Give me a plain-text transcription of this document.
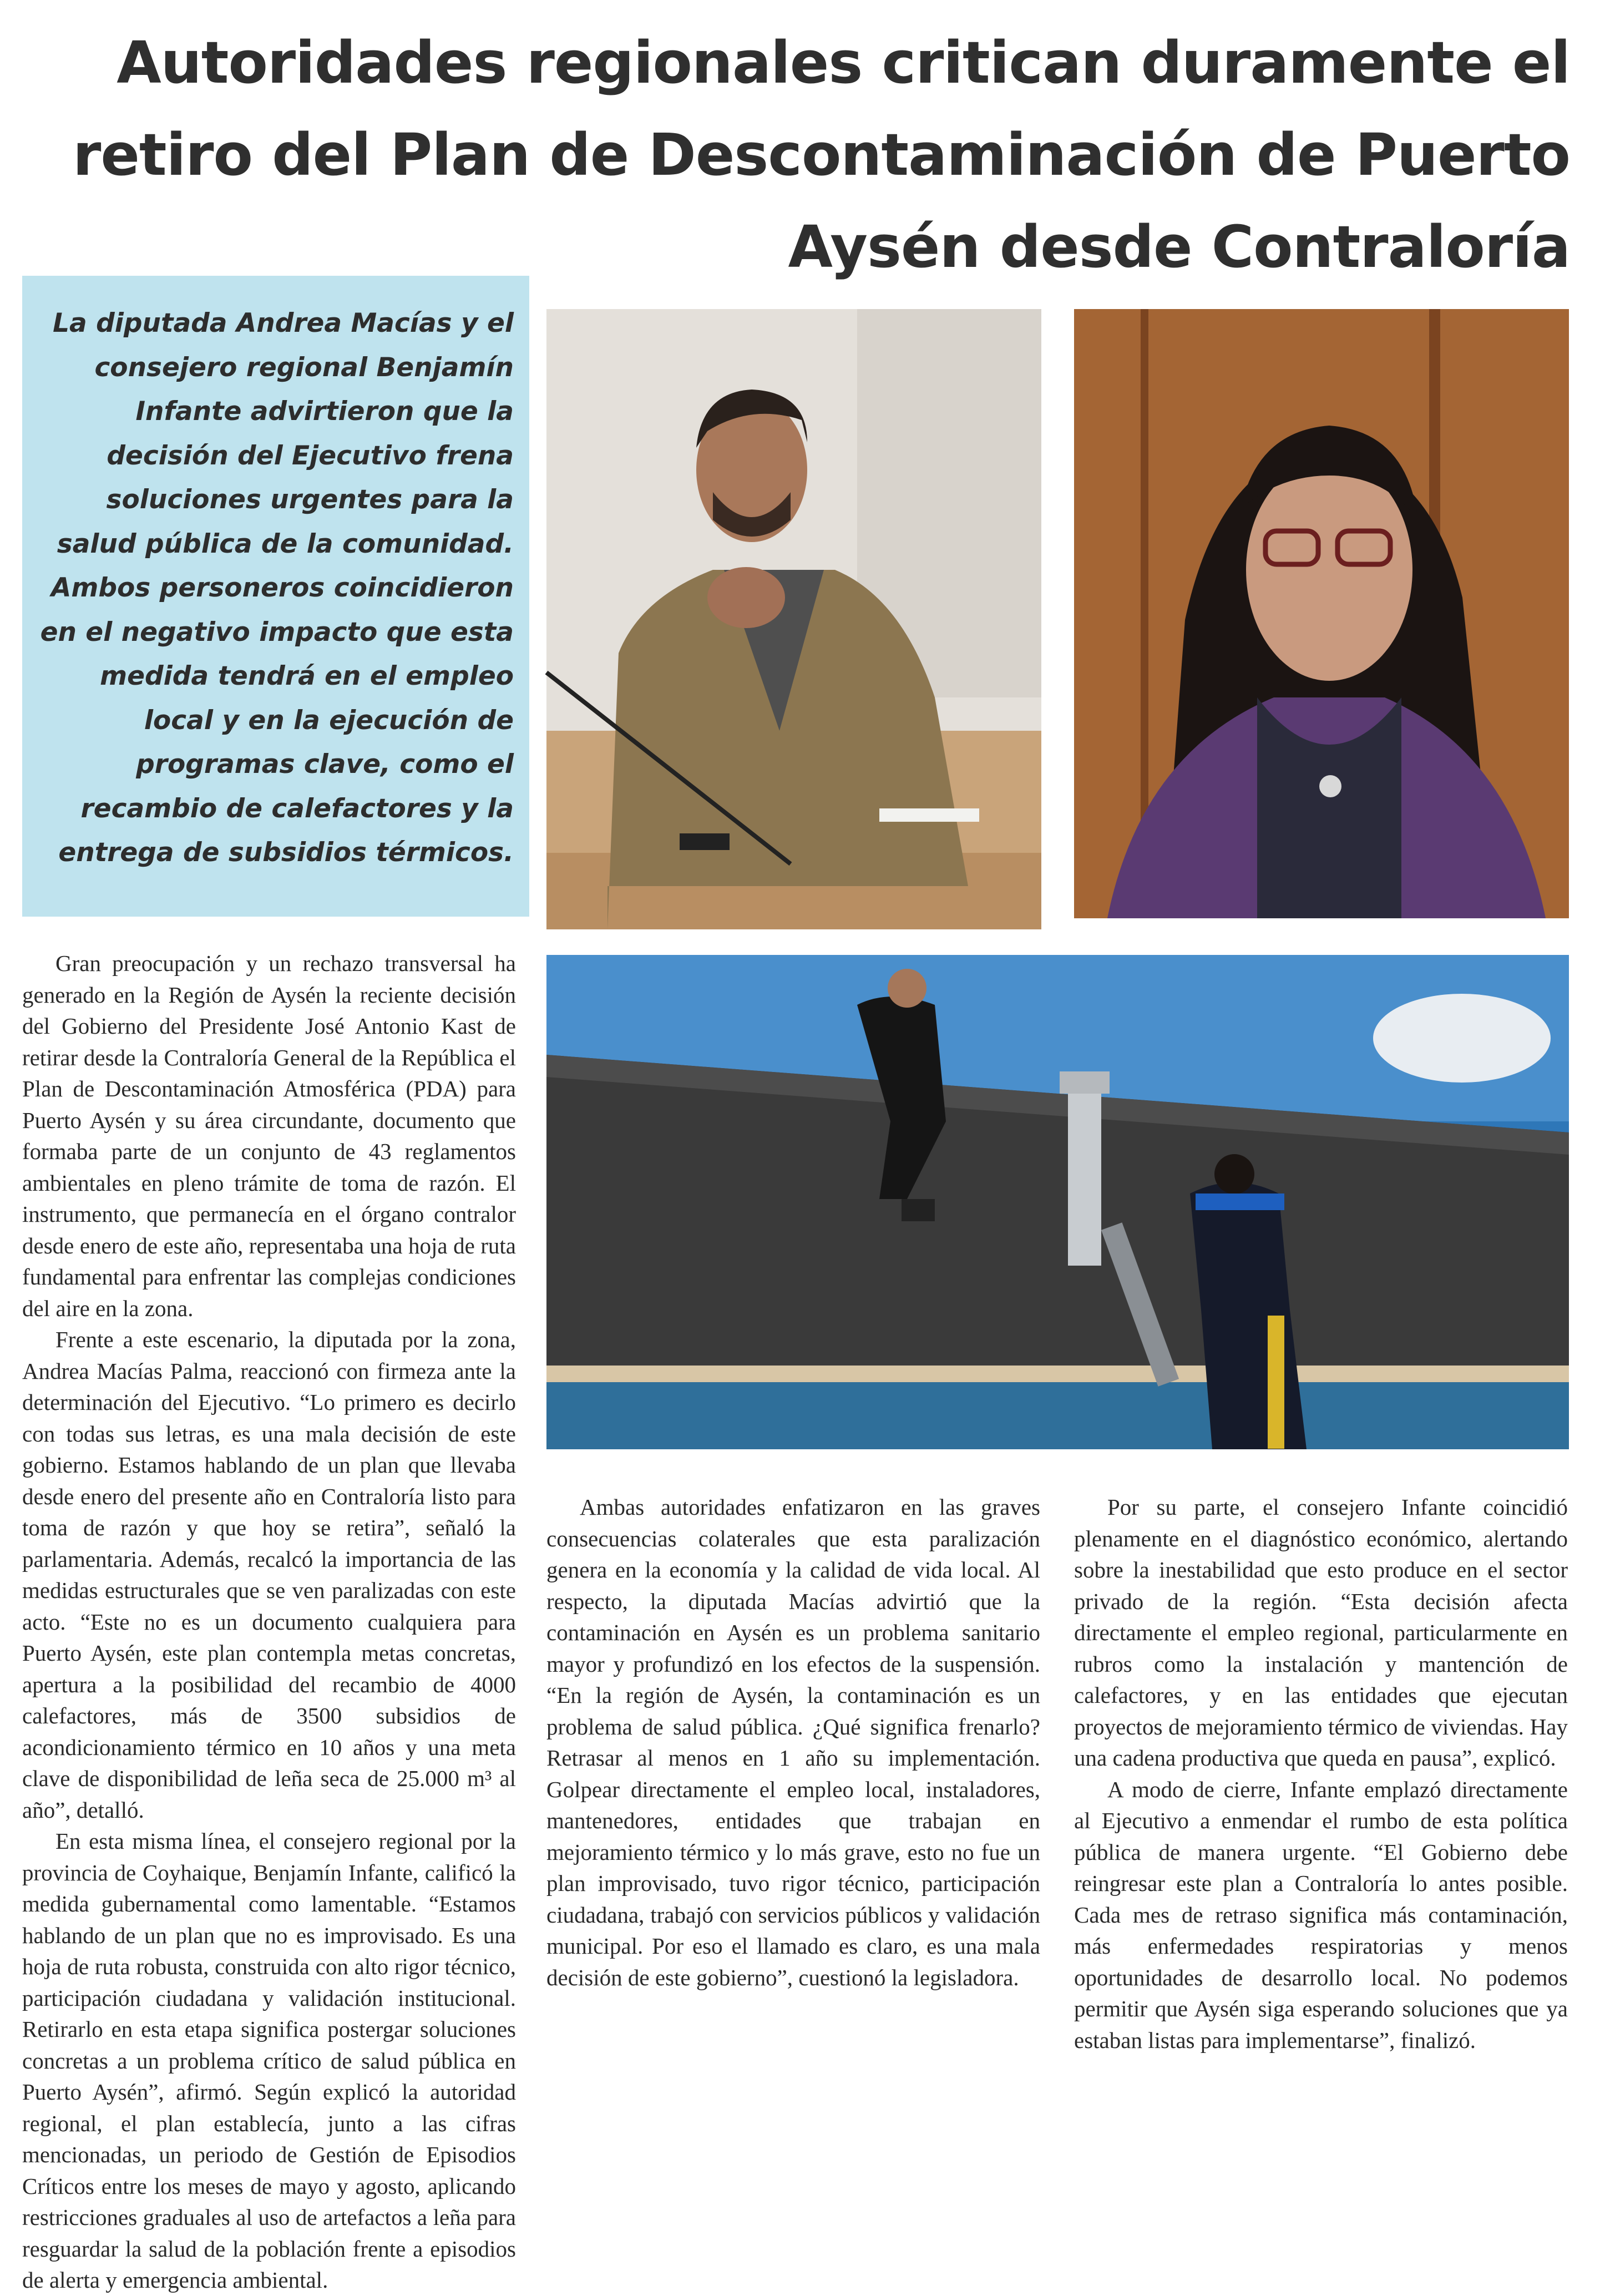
Autoridades regionales critican duramente el retiro del Plan de Descontaminación de Puerto Aysén desde Contraloría

La diputada Andrea Macías y el consejero regional Benjamín Infante advirtieron que la decisión del Ejecutivo frena soluciones urgentes para la salud pública de la comunidad. Ambos personeros coincidieron en el negativo impacto que esta medida tendrá en el empleo local y en la ejecución de programas clave, como el recambio de calefactores y la entrega de subsidios térmicos.

Gran preocupación y un rechazo transversal ha generado en la Región de Aysén la reciente decisión del Gobierno del Presidente José Antonio Kast de retirar desde la Contraloría General de la República el Plan de Descontaminación Atmosférica (PDA) para Puerto Aysén y su área circundante, documento que formaba parte de un conjunto de 43 reglamentos ambientales en pleno trámite de toma de razón. El instrumento, que permanecía en el órgano contralor desde enero de este año, representaba una hoja de ruta fundamental para enfrentar las complejas condiciones del aire en la zona.

Frente a este escenario, la diputada por la zona, Andrea Macías Palma, reaccionó con firmeza ante la determinación del Ejecutivo. “Lo primero es decirlo con todas sus letras, es una mala decisión de este gobierno. Estamos hablando de un plan que llevaba desde enero del presente año en Contraloría listo para toma de razón y que hoy se retira”, señaló la parlamentaria. Además, recalcó la importancia de las medidas estructurales que se ven paralizadas con este acto. “Este no es un documento cualquiera para Puerto Aysén, este plan contempla metas concretas, apertura a la posibilidad del recambio de 4000 calefactores, más de 3500 subsidios de acondicionamiento térmico en 10 años y una meta clave de disponibilidad de leña seca de 25.000 m³ al año”, detalló.

En esta misma línea, el consejero regional por la provincia de Coyhaique, Benjamín Infante, calificó la medida gubernamental como lamentable. “Estamos hablando de un plan que no es improvisado. Es una hoja de ruta robusta, construida con alto rigor técnico, participación ciudadana y validación institucional. Retirarlo en esta etapa significa postergar soluciones concretas a un problema crítico de salud pública en Puerto Aysén”, afirmó. Según explicó la autoridad regional, el plan establecía, junto a las cifras mencionadas, un periodo de Gestión de Episodios Críticos entre los meses de mayo y agosto, aplicando restricciones graduales al uso de artefactos a leña para resguardar la salud de la población frente a episodios de alerta y emergencia ambiental.

Ambas autoridades enfatizaron en las graves consecuencias colaterales que esta paralización genera en la economía y la calidad de vida local. Al respecto, la diputada Macías advirtió que la contaminación en Aysén es un problema sanitario mayor y profundizó en los efectos de la suspensión. “En la región de Aysén, la contaminación es un problema de salud pública. ¿Qué significa frenarlo? Retrasar al menos en 1 año su implementación. Golpear directamente el empleo local, instaladores, mantenedores, entidades que trabajan en mejoramiento térmico y lo más grave, esto no fue un plan improvisado, tuvo rigor técnico, participación ciudadana, trabajó con servicios públicos y validación municipal. Por eso el llamado es claro, es una mala decisión de este gobierno”, cuestionó la legisladora.

Por su parte, el consejero Infante coincidió plenamente en el diagnóstico económico, alertando sobre la inestabilidad que esto produce en el sector privado de la región. “Esta decisión afecta directamente el empleo regional, particularmente en rubros como la instalación y mantención de calefactores, y en las entidades que ejecutan proyectos de mejoramiento térmico de viviendas. Hay una cadena productiva que queda en pausa”, explicó.

A modo de cierre, Infante emplazó directamente al Ejecutivo a enmendar el rumbo de esta política pública de manera urgente. “El Gobierno debe reingresar este plan a Contraloría lo antes posible. Cada mes de retraso significa más contaminación, más enfermedades respiratorias y menos oportunidades de desarrollo local. No podemos permitir que Aysén siga esperando soluciones que ya estaban listas para implementarse”, finalizó.
